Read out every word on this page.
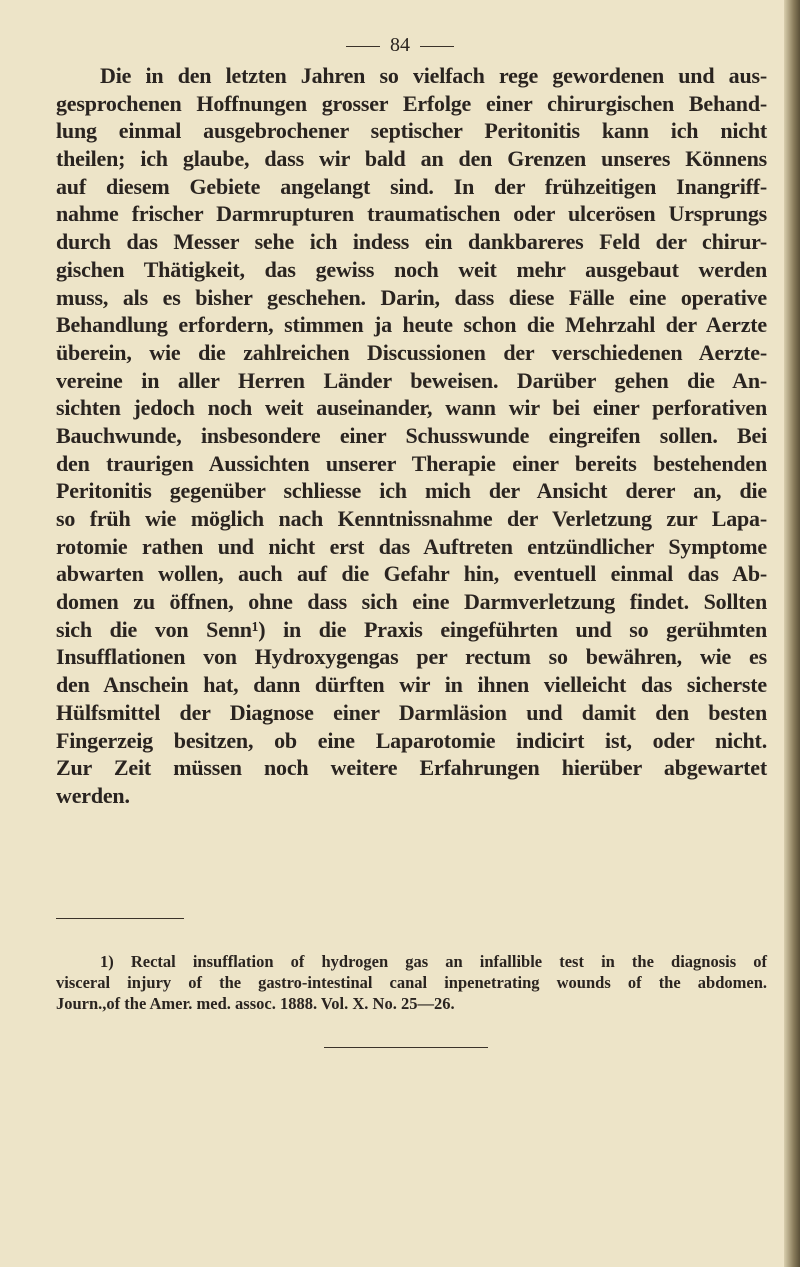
84
Die in den letzten Jahren so vielfach rege gewordenen und aus-
gesprochenen Hoffnungen grosser Erfolge einer chirurgischen Behand-
lung einmal ausgebrochener septischer Peritonitis kann ich nicht
theilen; ich glaube, dass wir bald an den Grenzen unseres Könnens
auf diesem Gebiete angelangt sind. In der frühzeitigen Inangriff-
nahme frischer Darmrupturen traumatischen oder ulcerösen Ursprungs
durch das Messer sehe ich indess ein dankbareres Feld der chirur-
gischen Thätigkeit, das gewiss noch weit mehr ausgebaut werden
muss, als es bisher geschehen. Darin, dass diese Fälle eine operative
Behandlung erfordern, stimmen ja heute schon die Mehrzahl der Aerzte
überein, wie die zahlreichen Discussionen der verschiedenen Aerzte-
vereine in aller Herren Länder beweisen. Darüber gehen die An-
sichten jedoch noch weit auseinander, wann wir bei einer perforativen
Bauchwunde, insbesondere einer Schusswunde eingreifen sollen. Bei
den traurigen Aussichten unserer Therapie einer bereits bestehenden
Peritonitis gegenüber schliesse ich mich der Ansicht derer an, die
so früh wie möglich nach Kenntnissnahme der Verletzung zur Lapa-
rotomie rathen und nicht erst das Auftreten entzündlicher Symptome
abwarten wollen, auch auf die Gefahr hin, eventuell einmal das Ab-
domen zu öffnen, ohne dass sich eine Darmverletzung findet. Sollten
sich die von Senn¹) in die Praxis eingeführten und so gerühmten
Insufflationen von Hydroxygengas per rectum so bewähren, wie es
den Anschein hat, dann dürften wir in ihnen vielleicht das sicherste
Hülfsmittel der Diagnose einer Darmläsion und damit den besten
Fingerzeig besitzen, ob eine Laparotomie indicirt ist, oder nicht.
Zur Zeit müssen noch weitere Erfahrungen hierüber abgewartet
werden.
1) Rectal insufflation of hydrogen gas an infallible test in the diagnosis of
visceral injury of the gastro-intestinal canal inpenetrating wounds of the abdomen.
Journ.,of the Amer. med. assoc. 1888. Vol. X. No. 25—26.
